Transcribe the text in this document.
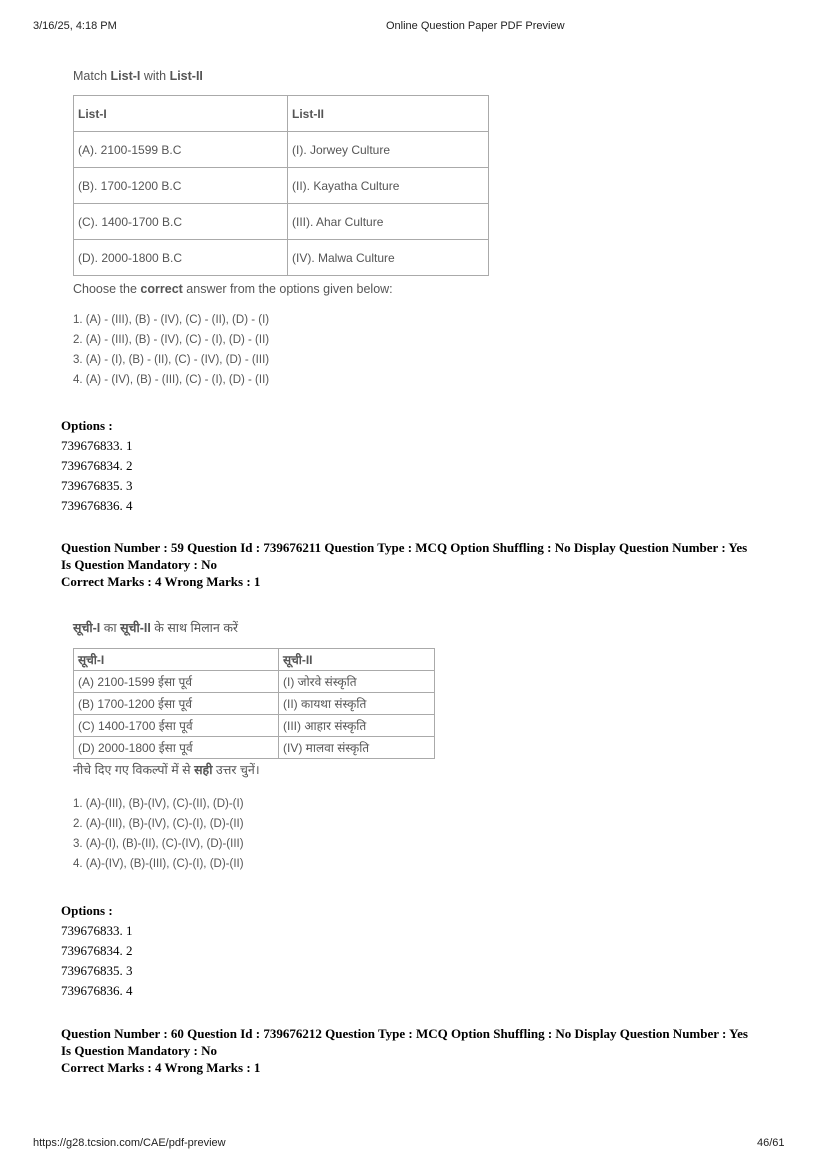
3/16/25, 4:18 PM	Online Question Paper PDF Preview
Match List-I with List-II
List-I	List-II
(A). 2100-1599 B.C	(I). Jorwey Culture
(B). 1700-1200 B.C	(II). Kayatha Culture
(C). 1400-1700 B.C	(III). Ahar Culture
(D). 2000-1800 B.C	(IV). Malwa Culture
Choose the correct answer from the options given below:
1. (A) - (III), (B) - (IV), (C) - (II), (D) - (I)
2. (A) - (III), (B) - (IV), (C) - (I), (D) - (II)
3. (A) - (I), (B) - (II), (C) - (IV), (D) - (III)
4. (A) - (IV), (B) - (III), (C) - (I), (D) - (II)
Options :
739676833. 1
739676834. 2
739676835. 3
739676836. 4
Question Number : 59 Question Id : 739676211 Question Type : MCQ Option Shuffling : No Display Question Number : Yes
Is Question Mandatory : No
Correct Marks : 4 Wrong Marks : 1
सूची-I का सूची-II के साथ मिलान करें
सूची-I	सूची-II
(A) 2100-1599 ईसा पूर्व	(I) जोरवे संस्कृति
(B) 1700-1200 ईसा पूर्व	(II) कायथा संस्कृति
(C) 1400-1700 ईसा पूर्व	(III) आहार संस्कृति
(D) 2000-1800 ईसा पूर्व	(IV) मालवा संस्कृति
नीचे दिए गए विकल्पों में से सही उत्तर चुनें।
1. (A)-(III), (B)-(IV), (C)-(II), (D)-(I)
2. (A)-(III), (B)-(IV), (C)-(I), (D)-(II)
3. (A)-(I), (B)-(II), (C)-(IV), (D)-(III)
4. (A)-(IV), (B)-(III), (C)-(I), (D)-(II)
Options :
739676833. 1
739676834. 2
739676835. 3
739676836. 4
Question Number : 60 Question Id : 739676212 Question Type : MCQ Option Shuffling : No Display Question Number : Yes
Is Question Mandatory : No
Correct Marks : 4 Wrong Marks : 1
https://g28.tcsion.com/CAE/pdf-preview	46/61
